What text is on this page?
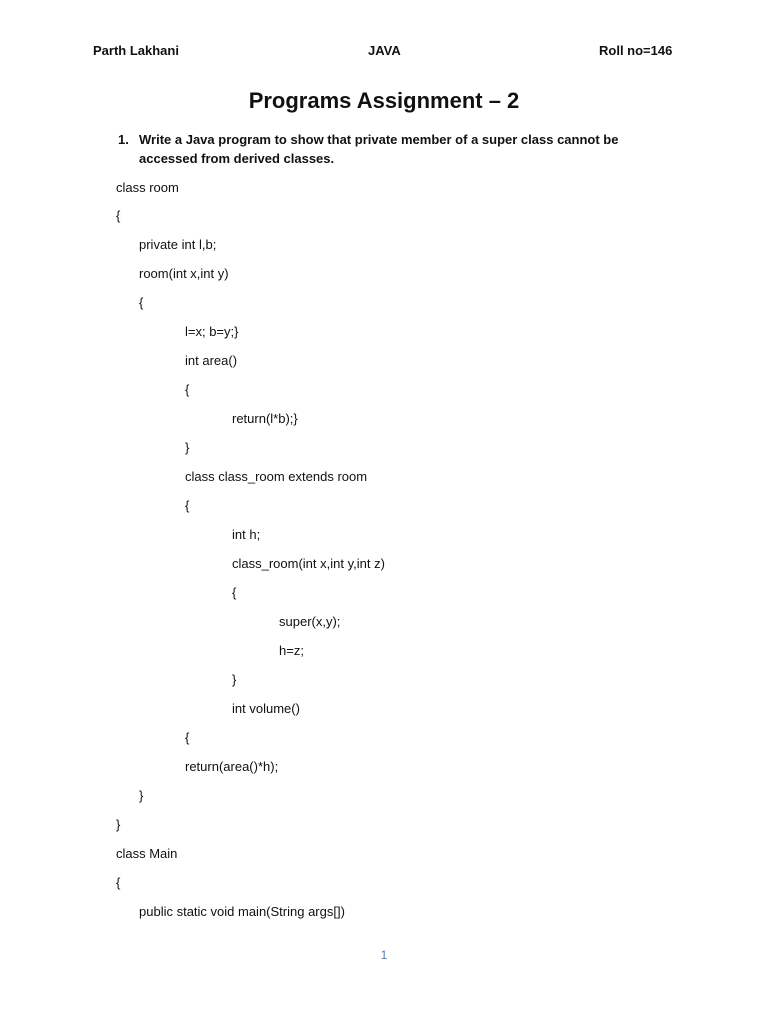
Parth Lakhani	JAVA	Roll no=146
Programs Assignment – 2
1. Write a Java program to show that private member of a super class cannot be accessed from derived classes.
class room
{
private int l,b;
room(int x,int y)
{
l=x; b=y;}
int area()
{
return(l*b);}
}
class class_room extends room
{
int h;
class_room(int x,int y,int z)
{
super(x,y);
h=z;
}
int volume()
{
return(area()*h);
}
}
class Main
{
public static void main(String args[])
1
